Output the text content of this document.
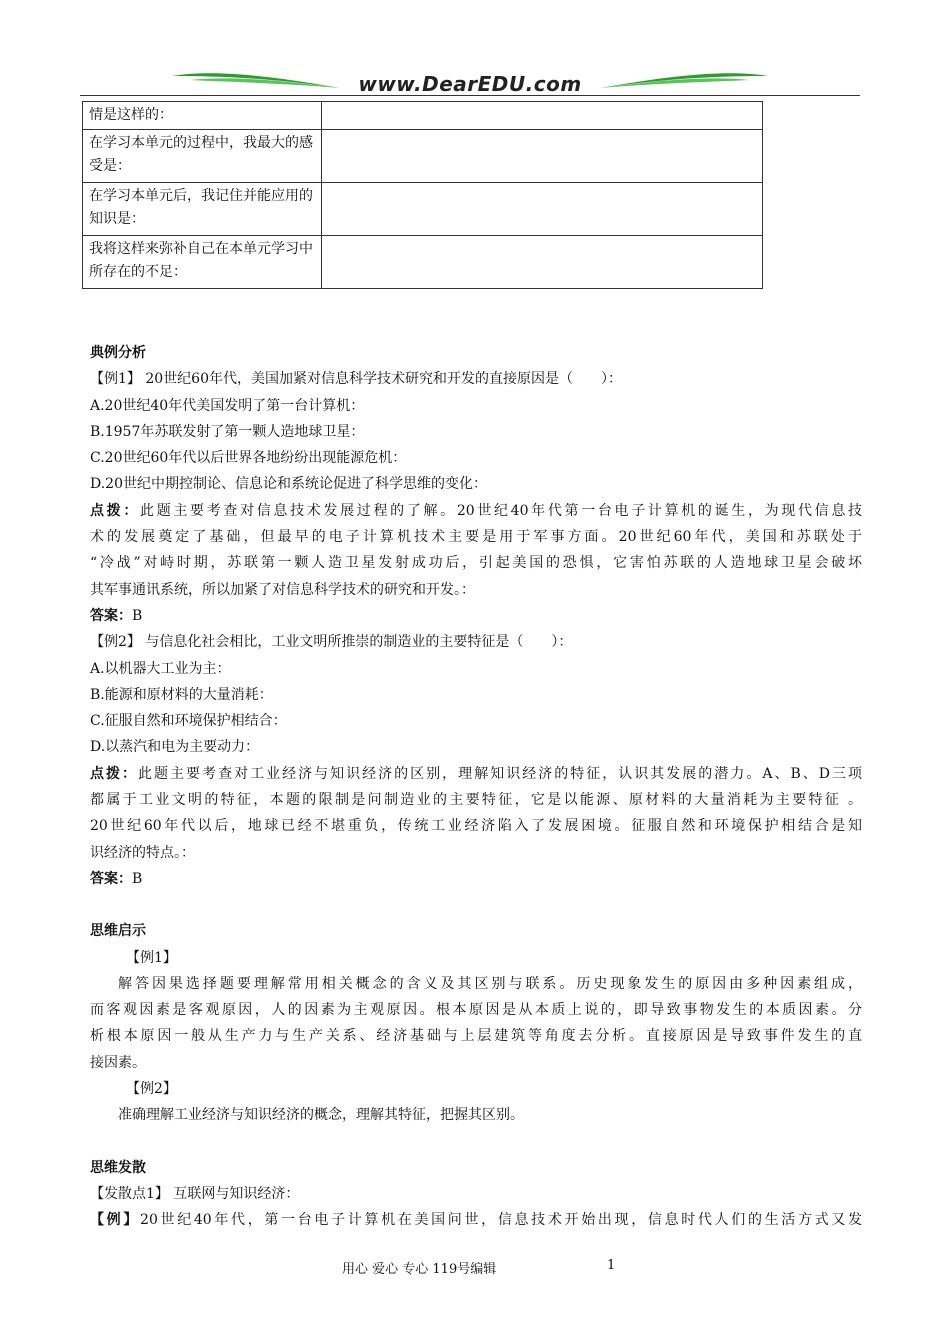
www.DearEDU.com
情是这样的：	
在学习本单元的过程中，我最大的感受是：	
在学习本单元后，我记住并能应用的知识是：	
我将这样来弥补自己在本单元学习中所存在的不足：	
典例分析
【例1】 20世纪60年代，美国加紧对信息科学技术研究和开发的直接原因是（　　）：
A.20世纪40年代美国发明了第一台计算机：
B.1957年苏联发射了第一颗人造地球卫星：
C.20世纪60年代以后世界各地纷纷出现能源危机：
D.20世纪中期控制论、信息论和系统论促进了科学思维的变化：
点拨：此题主要考查对信息技术发展过程的了解。20世纪40年代第一台电子计算机的诞生，为现代信息技
术的发展奠定了基础，但最早的电子计算机技术主要是用于军事方面。20世纪60年代，美国和苏联处于
“冷战”对峙时期，苏联第一颗人造卫星发射成功后，引起美国的恐惧，它害怕苏联的人造地球卫星会破坏
其军事通讯系统，所以加紧了对信息科学技术的研究和开发。：
答案：B
【例2】 与信息化社会相比，工业文明所推崇的制造业的主要特征是（　　）：
A.以机器大工业为主：
B.能源和原材料的大量消耗：
C.征服自然和环境保护相结合：
D.以蒸汽和电为主要动力：
点拨：此题主要考查对工业经济与知识经济的区别，理解知识经济的特征，认识其发展的潜力。A、B、D三项
都属于工业文明的特征，本题的限制是问制造业的主要特征，它是以能源、原材料的大量消耗为主要特征 。
20世纪60年代以后，地球已经不堪重负，传统工业经济陷入了发展困境。征服自然和环境保护相结合是知
识经济的特点。：
答案：B
思维启示
【例1】
解答因果选择题要理解常用相关概念的含义及其区别与联系。历史现象发生的原因由多种因素组成，
而客观因素是客观原因，人的因素为主观原因。根本原因是从本质上说的，即导致事物发生的本质因素。分
析根本原因一般从生产力与生产关系、经济基础与上层建筑等角度去分析。直接原因是导致事件发生的直
接因素。
【例2】
准确理解工业经济与知识经济的概念，理解其特征，把握其区别。
思维发散
【发散点1】 互联网与知识经济：
【例】20世纪40年代，第一台电子计算机在美国问世，信息技术开始出现，信息时代人们的生活方式又发
用心 爱心 专心 119号编辑	1
